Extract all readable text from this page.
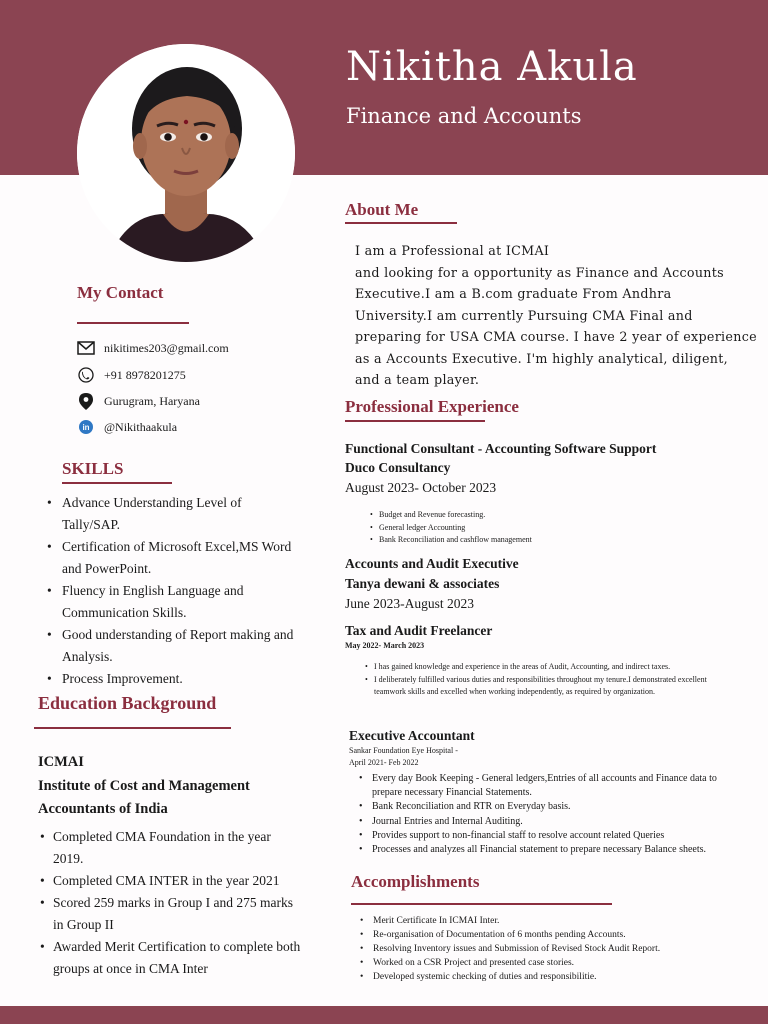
Nikitha Akula
Finance and Accounts
My Contact
nikitimes203@gmail.com
+91 8978201275
Gurugram, Haryana
in @Nikithaakula
SKILLS
• Advance Understanding Level of Tally/SAP.
• Certification of Microsoft Excel,MS Word and PowerPoint.
• Fluency in English Language and Communication Skills.
• Good understanding of Report making and Analysis.
• Process Improvement.
Education Background
ICMAI
Institute of Cost and Management
Accountants of India
• Completed CMA Foundation in the year 2019.
• Completed CMA INTER in the year 2021
• Scored 259 marks in Group I and 275 marks in Group II
• Awarded Merit Certification to complete both groups at once in CMA Inter
About Me
I am a Professional at ICMAI
and looking for a opportunity as Finance and Accounts
Executive.I am a B.com graduate From Andhra
University.I am currently Pursuing CMA Final and
preparing for USA CMA course. I have 2 year of experience
as a Accounts Executive. I'm highly analytical, diligent,
and a team player.
Professional Experience
Functional Consultant - Accounting Software Support
Duco Consultancy
August 2023- October 2023
• Budget and Revenue forecasting.
• General ledger Accounting
• Bank Reconciliation and cashflow management
Accounts and Audit Executive
Tanya dewani & associates
June 2023-August 2023
Tax and Audit Freelancer
May 2022- March 2023
• I has gained knowledge and experience in the areas of Audit, Accounting, and indirect taxes.
• I deliberately fulfilled various duties and responsibilities throughout my tenure.I demonstrated excellent teamwork skills and excelled when working independently, as required by organization.
Executive Accountant
Sankar Foundation Eye Hospital -
April 2021- Feb 2022
• Every day Book Keeping - General ledgers,Entries of all accounts and Finance data to prepare necessary Financial Statements.
• Bank Reconciliation and RTR on Everyday basis.
• Journal Entries and Internal Auditing.
• Provides support to non-financial staff to resolve account related Queries
• Processes and analyzes all Financial statement to prepare necessary Balance sheets.
Accomplishments
• Merit Certificate In ICMAI Inter.
• Re-organisation of Documentation of 6 months pending Accounts.
• Resolving Inventory issues and Submission of Revised Stock Audit Report.
• Worked on a CSR Project and presented case stories.
• Developed systemic checking of duties and responsibilitie.
